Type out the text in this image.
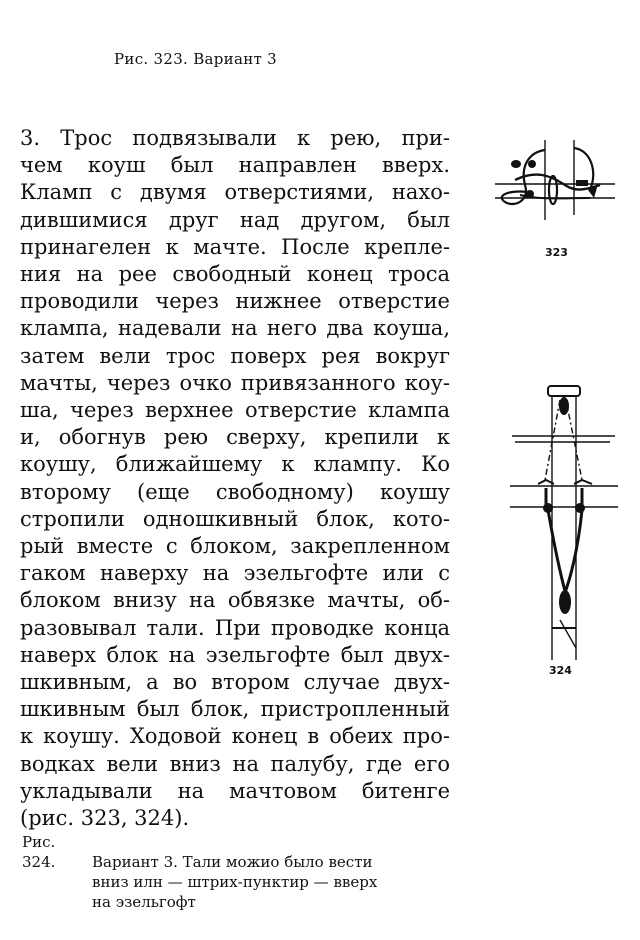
Рис. 323. Вариант 3
3. Трос подвязывали к рею, при-
чем коуш был направлен вверх.
Кламп с двумя отверстиями, нахо-
дившимися друг над другом, был
принагелен к мачте. После крепле-
ния на рее свободный конец троса
проводили через нижнее отверстие
клампа, надевали на него два коуша,
затем вели трос поверх рея вокруг
мачты, через очко привязанного коу-
ша, через верхнее отверстие клампа
и, обогнув рею сверху, крепили к
коушу, ближайшему к клампу. Ко
второму (еще свободному) коушу
стропили одношкивный блок, кото-
рый вместе с блоком, закрепленном
гаком наверху на эзельгофте или с
блоком внизу на обвязке мачты, об-
разовывал тали. При проводке конца
наверх блок на эзельгофте был двух-
шкивным, а во втором случае двух-
шкивным был блок, пристропленный
к коушу. Ходовой конец в обеих про-
водках вели вниз на палубу, где его
укладывали на мачтовом битенге
(рис. 323, 324).
323
324
Рис. 324. Вариант 3. Тали можио было вести
вниз илн — штрих-пунктир — вверх
на эзельгофт
